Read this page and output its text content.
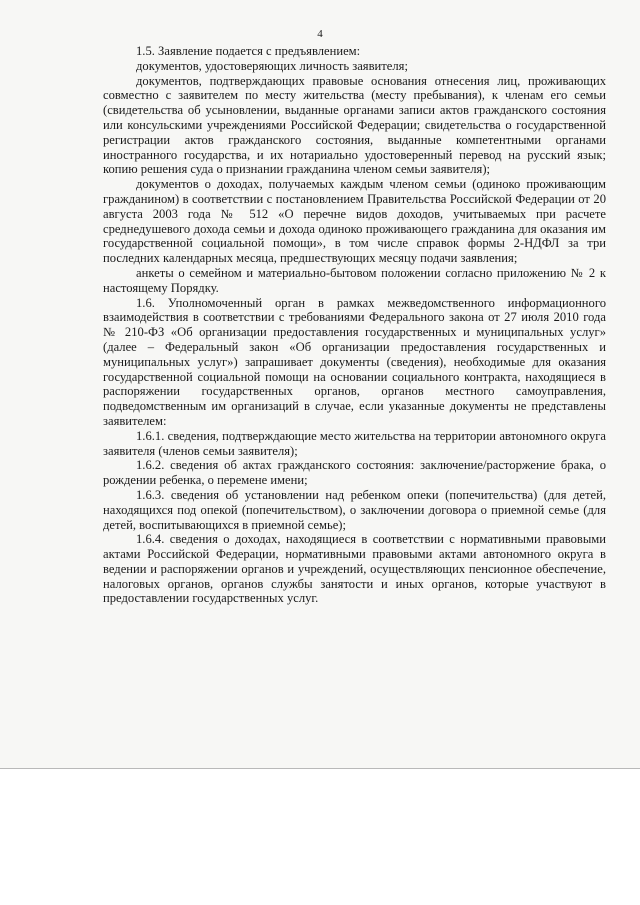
4

1.5. Заявление подается с предъявлением:

документов, удостоверяющих личность заявителя;

документов, подтверждающих правовые основания отнесения лиц, проживающих совместно с заявителем по месту жительства (месту пребывания), к членам его семьи (свидетельства об усыновлении, выданные органами записи актов гражданского состояния или консульскими учреждениями Российской Федерации; свидетельства о государственной регистрации актов гражданского состояния, выданные компетентными органами иностранного государства, и их нотариально удостоверенный перевод на русский язык; копию решения суда о признании гражданина членом семьи заявителя);

документов о доходах, получаемых каждым членом семьи (одиноко проживающим гражданином) в соответствии с постановлением Правительства Российской Федерации от 20 августа 2003 года № 512 «О перечне видов доходов, учитываемых при расчете среднедушевого дохода семьи и дохода одиноко проживающего гражданина для оказания им государственной социальной помощи», в том числе справок формы 2-НДФЛ за три последних календарных месяца, предшествующих месяцу подачи заявления;

анкеты о семейном и материально-бытовом положении согласно приложению № 2 к настоящему Порядку.

1.6. Уполномоченный орган в рамках межведомственного информационного взаимодействия в соответствии с требованиями Федерального закона от 27 июля 2010 года № 210-ФЗ «Об организации предоставления государственных и муниципальных услуг» (далее – Федеральный закон «Об организации предоставления государственных и муниципальных услуг») запрашивает документы (сведения), необходимые для оказания государственной социальной помощи на основании социального контракта, находящиеся в распоряжении государственных органов, органов местного самоуправления, подведомственным им организаций в случае, если указанные документы не представлены заявителем:

1.6.1. сведения, подтверждающие место жительства на территории автономного округа заявителя (членов семьи заявителя);

1.6.2. сведения об актах гражданского состояния: заключение/расторжение брака, о рождении ребенка, о перемене имени;

1.6.3. сведения об установлении над ребенком опеки (попечительства) (для детей, находящихся под опекой (попечительством), о заключении договора о приемной семье (для детей, воспитывающихся в приемной семье);

1.6.4. сведения о доходах, находящиеся в соответствии с нормативными правовыми актами Российской Федерации, нормативными правовыми актами автономного округа в ведении и распоряжении органов и учреждений, осуществляющих пенсионное обеспечение, налоговых органов, органов службы занятости и иных органов, которые участвуют в предоставлении государственных услуг.
